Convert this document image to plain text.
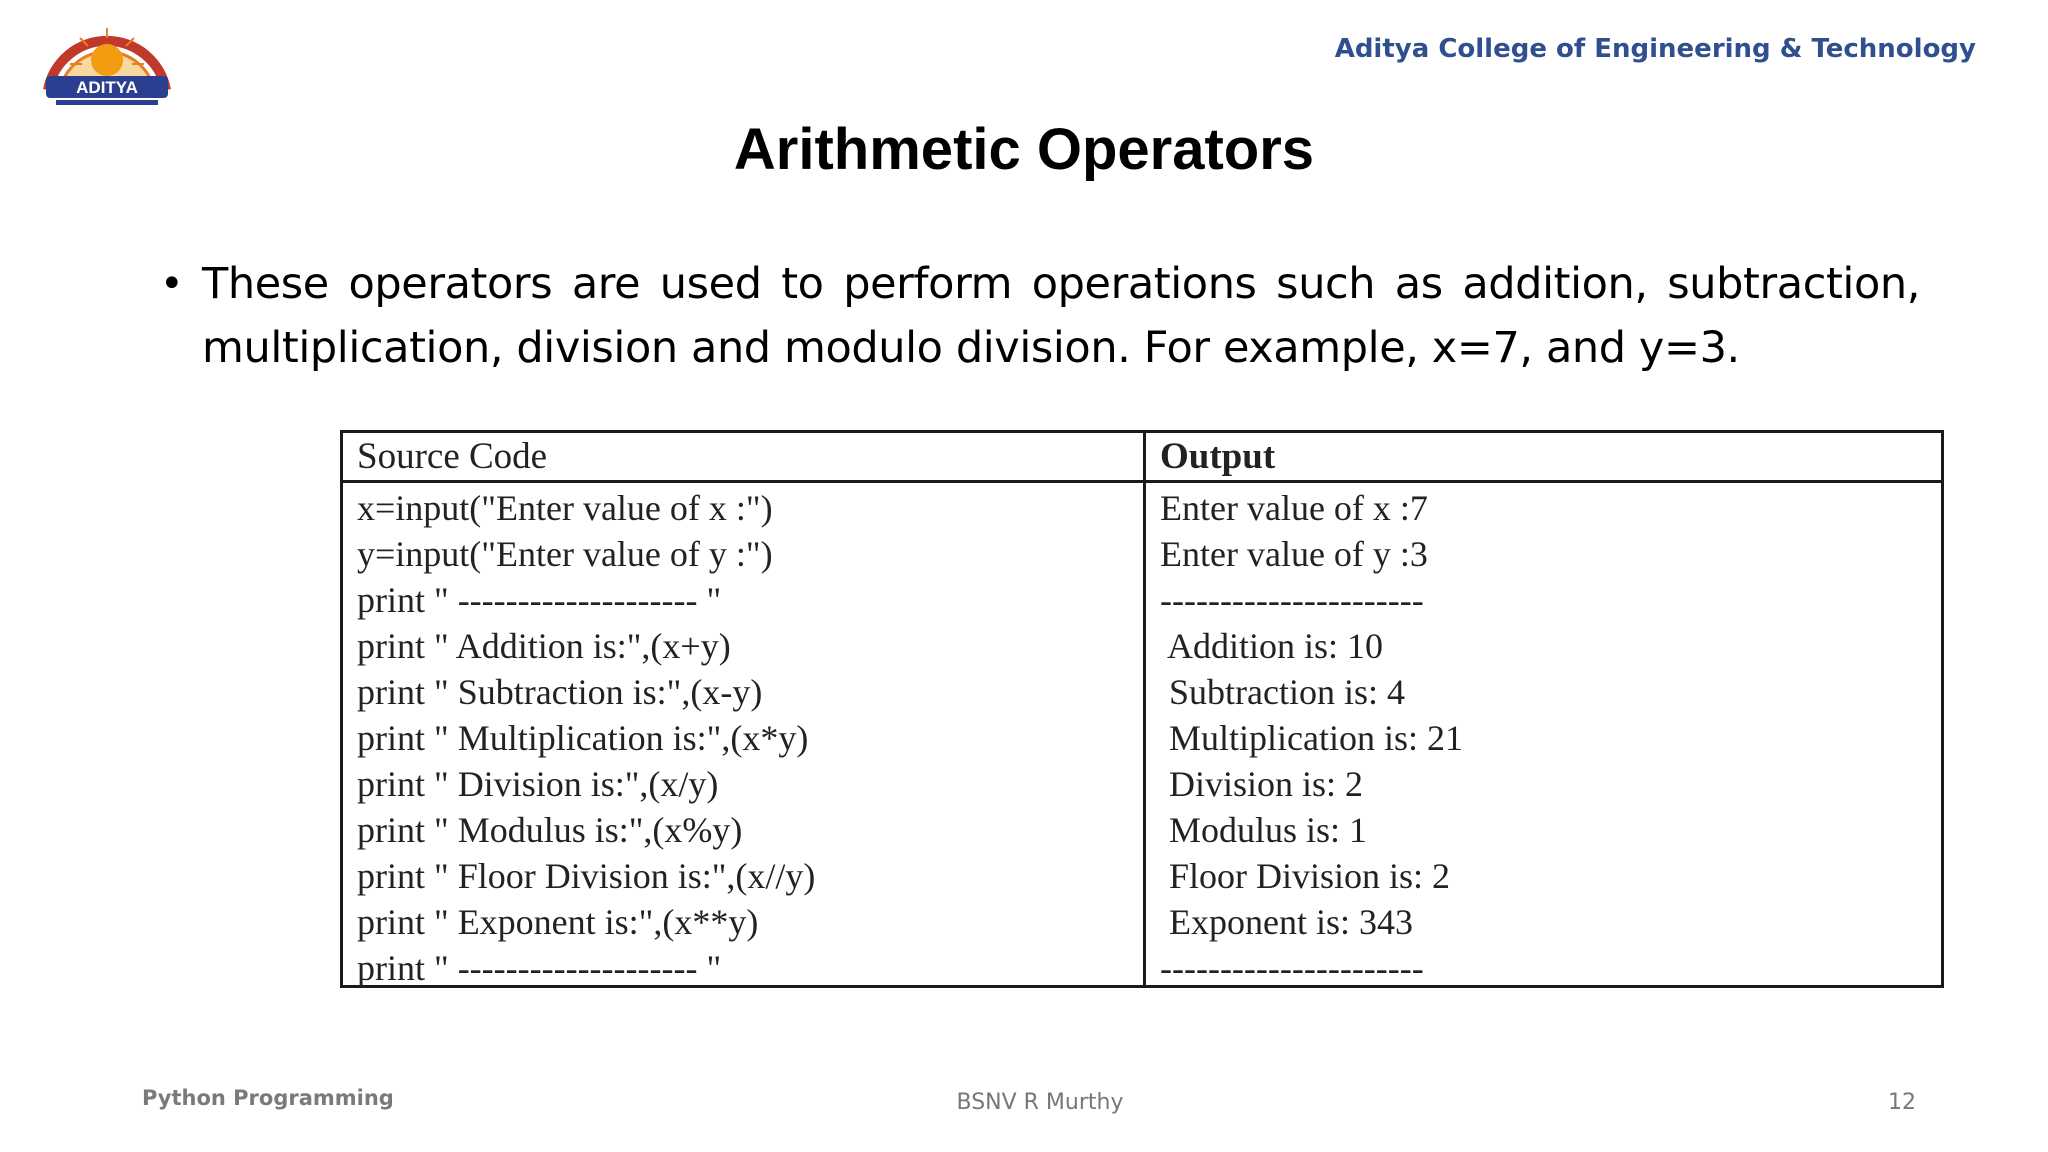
ADITYA
Aditya College of Engineering & Technology
Arithmetic Operators
• These operators are used to perform operations such as addition, subtraction, multiplication, division and modulo division. For example, x=7, and y=3.
Source Code
x=input("Enter value of x :")
y=input("Enter value of y :")
print " -------------------- "
print " Addition is:",(x+y)
print " Subtraction is:",(x-y)
print " Multiplication is:",(x*y)
print " Division is:",(x/y)
print " Modulus is:",(x%y)
print " Floor Division is:",(x//y)
print " Exponent is:",(x**y)
print " -------------------- "
Output
Enter value of x :7
Enter value of y :3
----------------------
Addition is: 10
Subtraction is: 4
Multiplication is: 21
Division is: 2
Modulus is: 1
Floor Division is: 2
Exponent is: 343
----------------------
Python Programming	BSNV R Murthy	12
